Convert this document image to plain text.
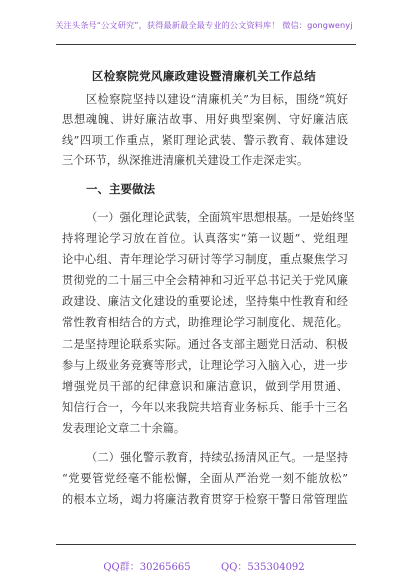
关注头条号“公文研究”，获得最新最全最专业的公文资料库！ 微信：gongwenyj
区检察院党风廉政建设暨清廉机关工作总结
区检察院坚持以建设“清廉机关”为目标，围绕“筑好
思想魂魄、讲好廉洁故事、用好典型案例、守好廉洁底
线”四项工作重点，紧盯理论武装、警示教育、载体建设
三个环节，纵深推进清廉机关建设工作走深走实。
一、主要做法
（一）强化理论武装，全面筑牢思想根基。一是始终坚
持将理论学习放在首位。认真落实“第一议题”、党组理
论中心组、青年理论学习研讨等学习制度，重点聚焦学习
贯彻党的二十届三中全会精神和习近平总书记关于党风廉
政建设、廉洁文化建设的重要论述，坚持集中性教育和经
常性教育相结合的方式，助推理论学习制度化、规范化。
二是坚持理论联系实际。通过各支部主题党日活动、积极
参与上级业务竞赛等形式，让理论学习入脑入心，进一步
增强党员干部的纪律意识和廉洁意识，做到学用贯通、
知信行合一，今年以来我院共培育业务标兵、能手十三名
发表理论文章二十余篇。
（二）强化警示教育，持续弘扬清风正气。一是坚持
“党要管党经毫不能松懈，全面从严治党一刻不能放松”
的根本立场，竭力将廉洁教育贯穿于检察干警日常管理监
QQ群：30265665	QQ：535304092
